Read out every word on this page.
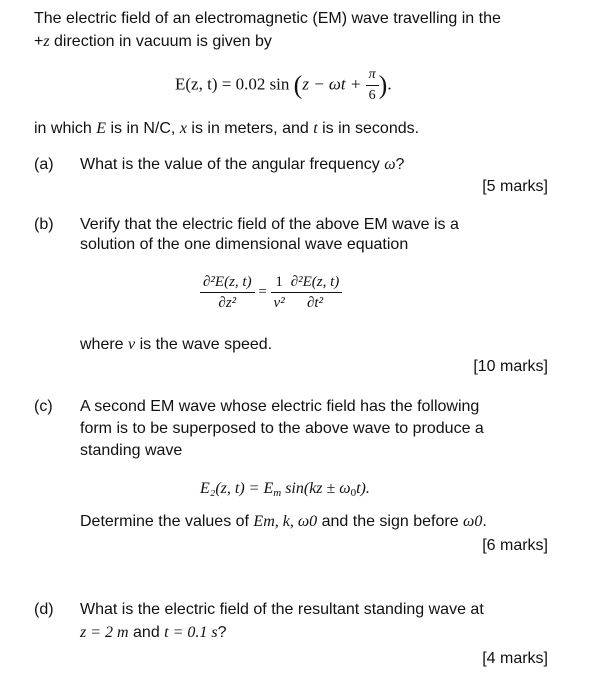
The electric field of an electromagnetic (EM) wave travelling in the
+z direction in vacuum is given by
E(z, t) = 0.02 $\sin (z - \omega t + \frac{\pi}{6}$ ).
in which E is in N/C, x is in meters, and t is in seconds.
(a) What is the value of the angular frequency ω?
[5 marks]
(b) Verify that the electric field of the above EM wave is a
solution of the one dimensional wave equation
$\frac{\text{∂²E(z, t)}}{\text{∂z²}} = \frac{1}{\text{v²}} \frac{\text{∂²E(z, t)}}{\text{∂t²}}$
where v is the wave speed.
[10 marks]
(c) A second EM wave whose electric field has the following
form is to be superposed to the above wave to produce a
standing wave
E₂(z, $t) = E_m$ $\sin(kz \pm \omega_0t)$.
Determine the values of Em, k, ω0 and the sign before ω0.
[6 marks]
(d) What is the electric field of the resultant standing wave at
z = 2 m and t = 0.1 s?
[4 marks]
